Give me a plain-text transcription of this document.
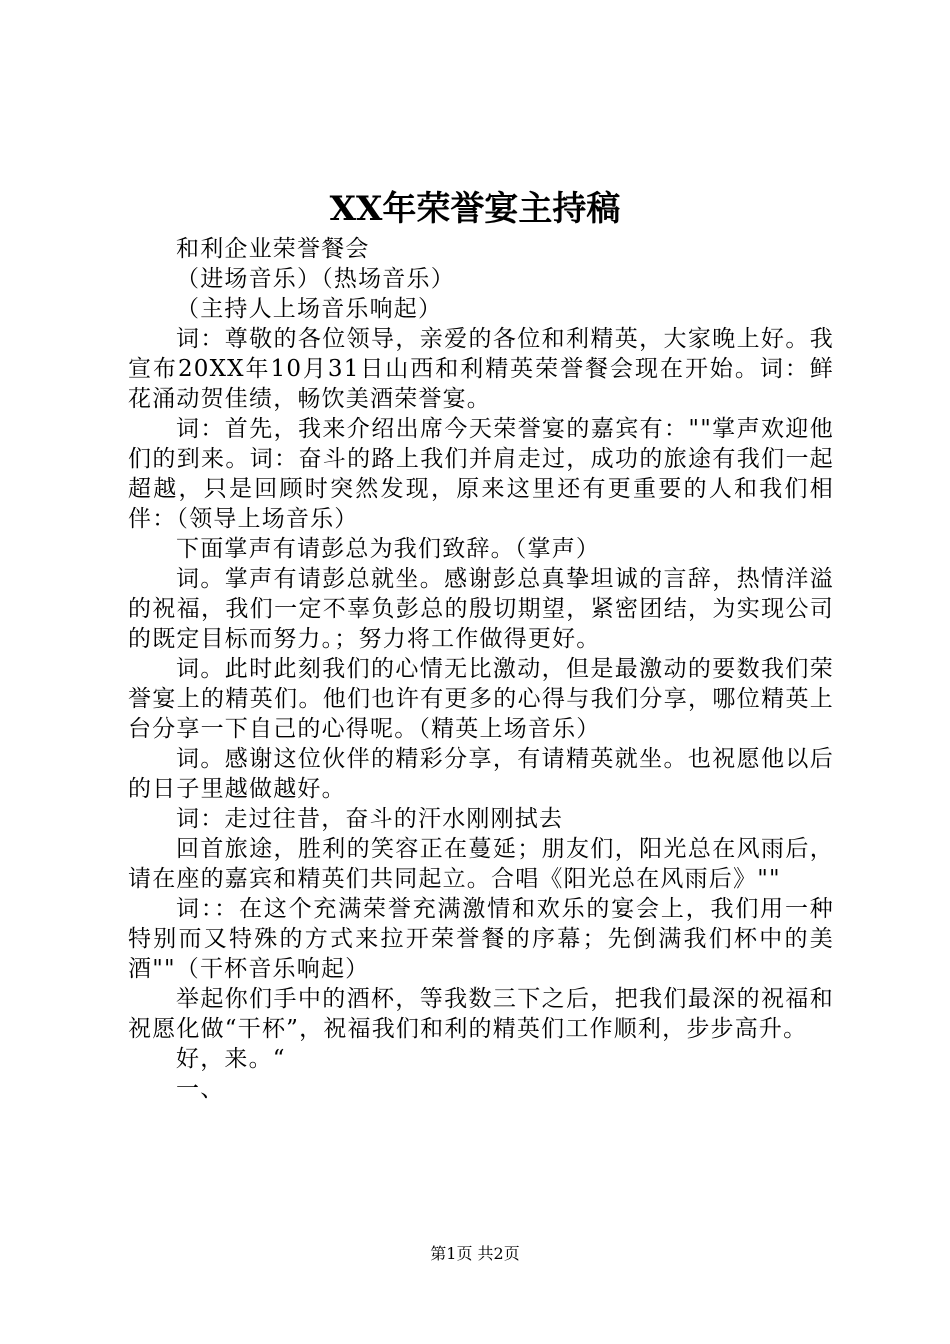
XX年荣誉宴主持稿

和利企业荣誉餐会

（进场音乐）（热场音乐）

（主持人上场音乐响起）

词：尊敬的各位领导，亲爱的各位和利精英，大家晚上好。我宣布20XX年10月31日山西和利精英荣誉餐会现在开始。词：鲜花涌动贺佳绩，畅饮美酒荣誉宴。

词：首先，我来介绍出席今天荣誉宴的嘉宾有：""掌声欢迎他们的到来。词：奋斗的路上我们并肩走过，成功的旅途有我们一起超越，只是回顾时突然发现，原来这里还有更重要的人和我们相伴：（领导上场音乐）

下面掌声有请彭总为我们致辞。（掌声）

词。掌声有请彭总就坐。感谢彭总真挚坦诚的言辞，热情洋溢的祝福，我们一定不辜负彭总的殷切期望，紧密团结，为实现公司的既定目标而努力。；努力将工作做得更好。

词。此时此刻我们的心情无比激动，但是最激动的要数我们荣誉宴上的精英们。他们也许有更多的心得与我们分享，哪位精英上台分享一下自己的心得呢。（精英上场音乐）

词。感谢这位伙伴的精彩分享，有请精英就坐。也祝愿他以后的日子里越做越好。

词：走过往昔，奋斗的汗水刚刚拭去

回首旅途，胜利的笑容正在蔓延；朋友们，阳光总在风雨后，请在座的嘉宾和精英们共同起立。合唱《阳光总在风雨后》""

词：：在这个充满荣誉充满激情和欢乐的宴会上，我们用一种特别而又特殊的方式来拉开荣誉餐的序幕；先倒满我们杯中的美酒""（干杯音乐响起）

举起你们手中的酒杯，等我数三下之后，把我们最深的祝福和祝愿化做“干杯”，祝福我们和利的精英们工作顺利，步步高升。

好，来。“

一、

第1页 共2页
